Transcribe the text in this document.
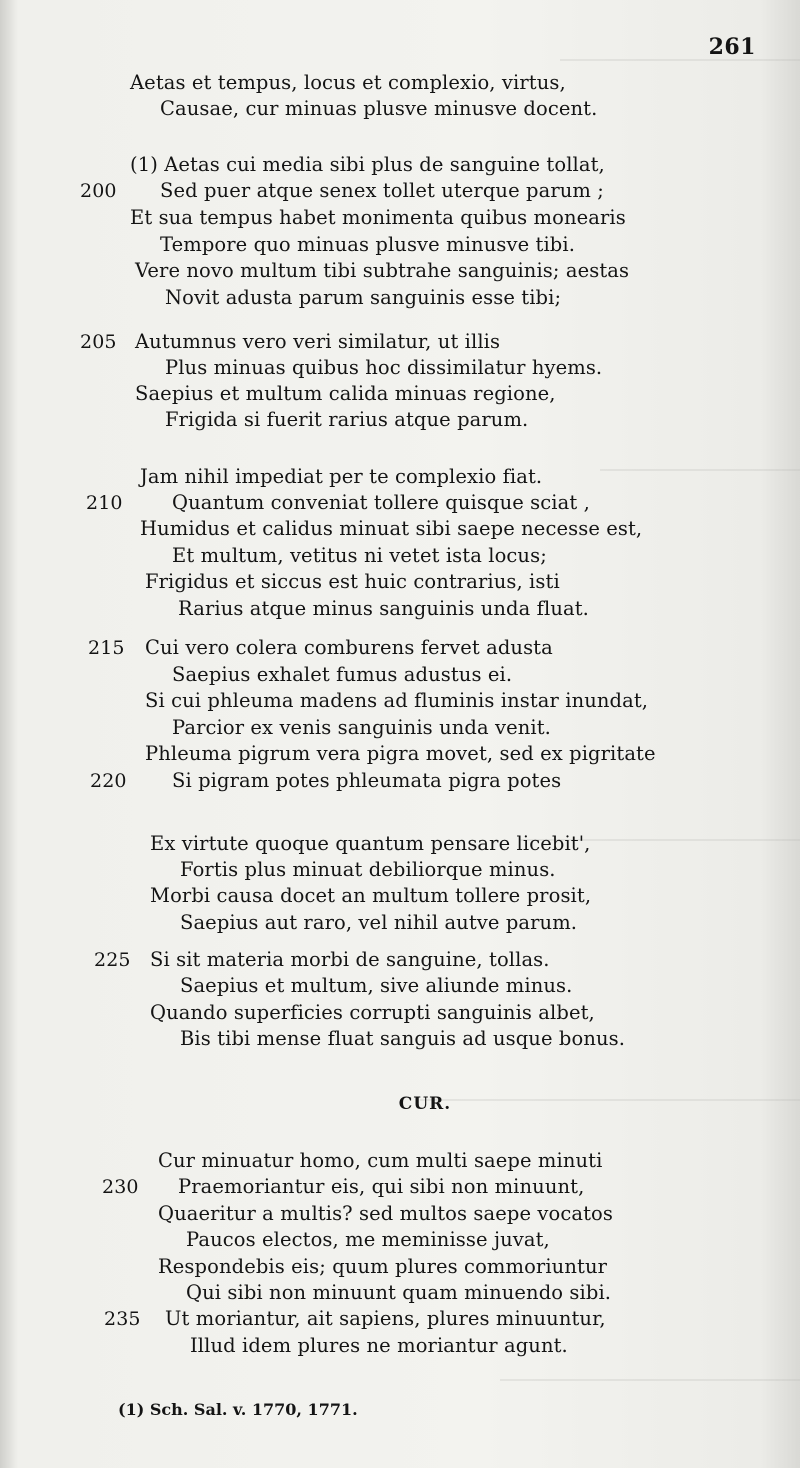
261
Aetas et tempus, locus et complexio, virtus,
Causae, cur minuas plusve minusve docent.
(1) Aetas cui media sibi plus de sanguine tollat,
200 Sed puer atque senex tollet uterque parum ;
Et sua tempus habet monimenta quibus monearis
Tempore quo minuas plusve minusve tibi.
Vere novo multum tibi subtrahe sanguinis; aestas
Novit adusta parum sanguinis esse tibi;
205 Autumnus vero veri similatur, ut illis
Plus minuas quibus hoc dissimilatur hyems.
Saepius et multum calida minuas regione,
Frigida si fuerit rarius atque parum.
Jam nihil impediat per te complexio fiat.
210	Quantum conveniat tollere quisque sciat ,
Humidus et calidus minuat sibi saepe necesse est,
Et multum, vetitus ni vetet ista locus;
Frigidus et siccus est huic contrarius, isti
Rarius atque minus sanguinis unda fluat.
215 Cui vero colera comburens fervet adusta
Saepius exhalet fumus adustus ei.
Si cui phleuma madens ad fluminis instar inundat,
Parcior ex venis sanguinis unda venit.
Phleuma pigrum vera pigra movet, sed ex pigritate
220 Si pigram potes phleumata pigra potes
Ex virtute quoque quantum pensare licebit',
Fortis plus minuat debiliorque minus.
Morbi causa docet an multum tollere prosit,
Saepius aut raro, vel nihil autve parum.
225 Si sit materia morbi de sanguine, tollas.
Saepius et multum, sive aliunde minus.
Quando superficies corrupti sanguinis albet,
Bis tibi mense fluat sanguis ad usque bonus.
Cur minuatur homo, cum multi saepe minuti
230 Praemoriantur eis, qui sibi non minuunt,
Quaeritur a multis? sed multos saepe vocatos
Paucos electos, me meminisse juvat,
Respondebis eis; quum plures commoriuntur
Qui sibi non minuunt quam minuendo sibi.
235 Ut moriantur, ait sapiens, plures minuuntur,
Illud idem plures ne moriantur agunt.
CUR.
(1) Sch. Sal. v. 1770, 1771.
